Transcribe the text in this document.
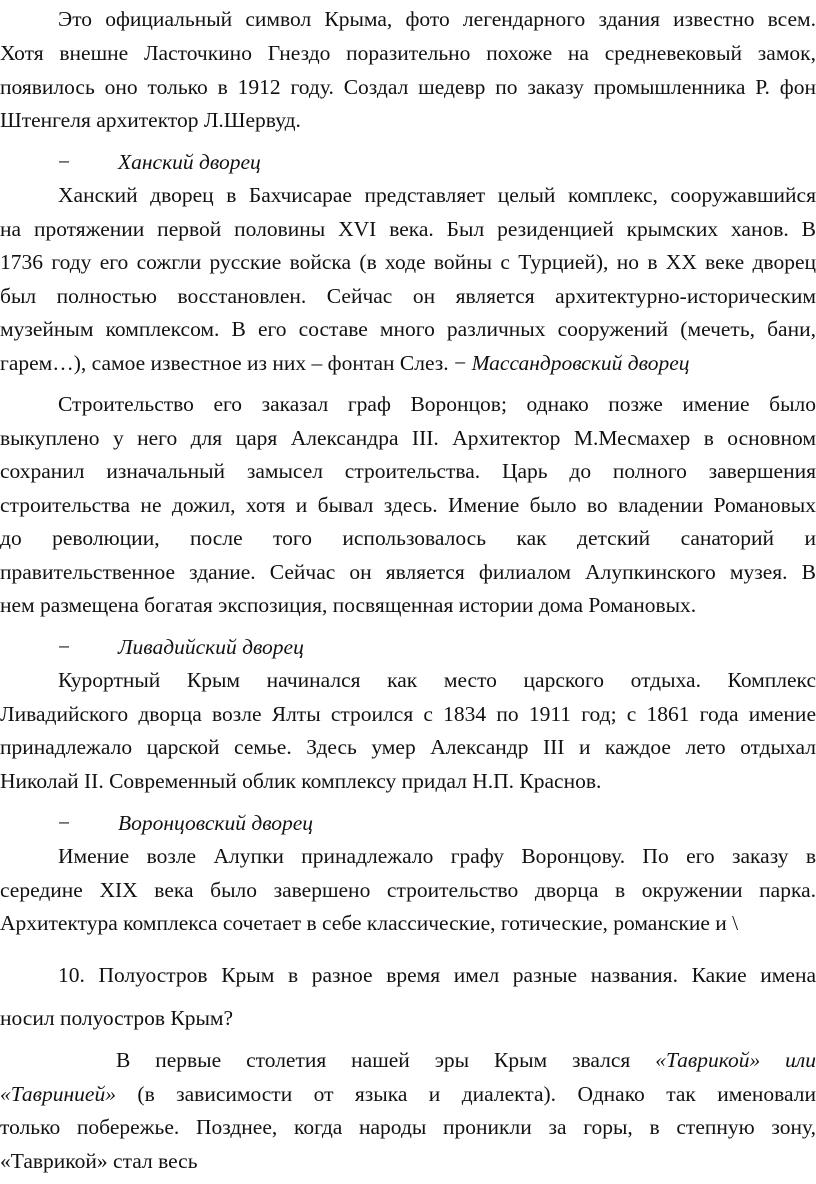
Это официальный символ Крыма, фото легендарного здания известно всем.
Хотя внешне Ласточкино Гнездо поразительно похоже на средневековый замок,
появилось оно только в 1912 году. Создал шедевр по заказу промышленника Р. фон
Штенгеля архитектор Л.Шервуд.
− Ханский дворец
Ханский дворец в Бахчисарае представляет целый комплекс, сооружавшийся
на протяжении первой половины XVI века. Был резиденцией крымских ханов. В
1736 году его сожгли русские войска (в ходе войны с Турцией), но в XX веке дворец
был полностью восстановлен. Сейчас он является архитектурно-историческим
музейным комплексом. В его составе много различных сооружений (мечеть, бани,
гарем…), самое известное из них – фонтан Слез. − Массандровский дворец
Строительство его заказал граф Воронцов; однако позже имение было
выкуплено у него для царя Александра III. Архитектор М.Месмахер в основном
сохранил изначальный замысел строительства. Царь до полного завершения
строительства не дожил, хотя и бывал здесь. Имение было во владении Романовых
до революции, после того использовалось как детский санаторий и
правительственное здание. Сейчас он является филиалом Алупкинского музея. В
нем размещена богатая экспозиция, посвященная истории дома Романовых.
− Ливадийский дворец
Курортный Крым начинался как место царского отдыха. Комплекс
Ливадийского дворца возле Ялты строился с 1834 по 1911 год; с 1861 года имение
принадлежало царской семье. Здесь умер Александр III и каждое лето отдыхал
Николай II. Современный облик комплексу придал Н.П. Краснов.
− Воронцовский дворец
Имение возле Алупки принадлежало графу Воронцову. По его заказу в
середине XIX века было завершено строительство дворца в окружении парка.
Архитектура комплекса сочетает в себе классические, готические, романские и \
10. Полуостров Крым в разное время имел разные названия. Какие имена
носил полуостров Крым?
В первые столетия нашей эры Крым звался «Таврикой» или
«Тавринией» (в зависимости от языка и диалекта). Однако так именовали
только побережье. Позднее, когда народы проникли за горы, в степную зону,
«Таврикой» стал весь
